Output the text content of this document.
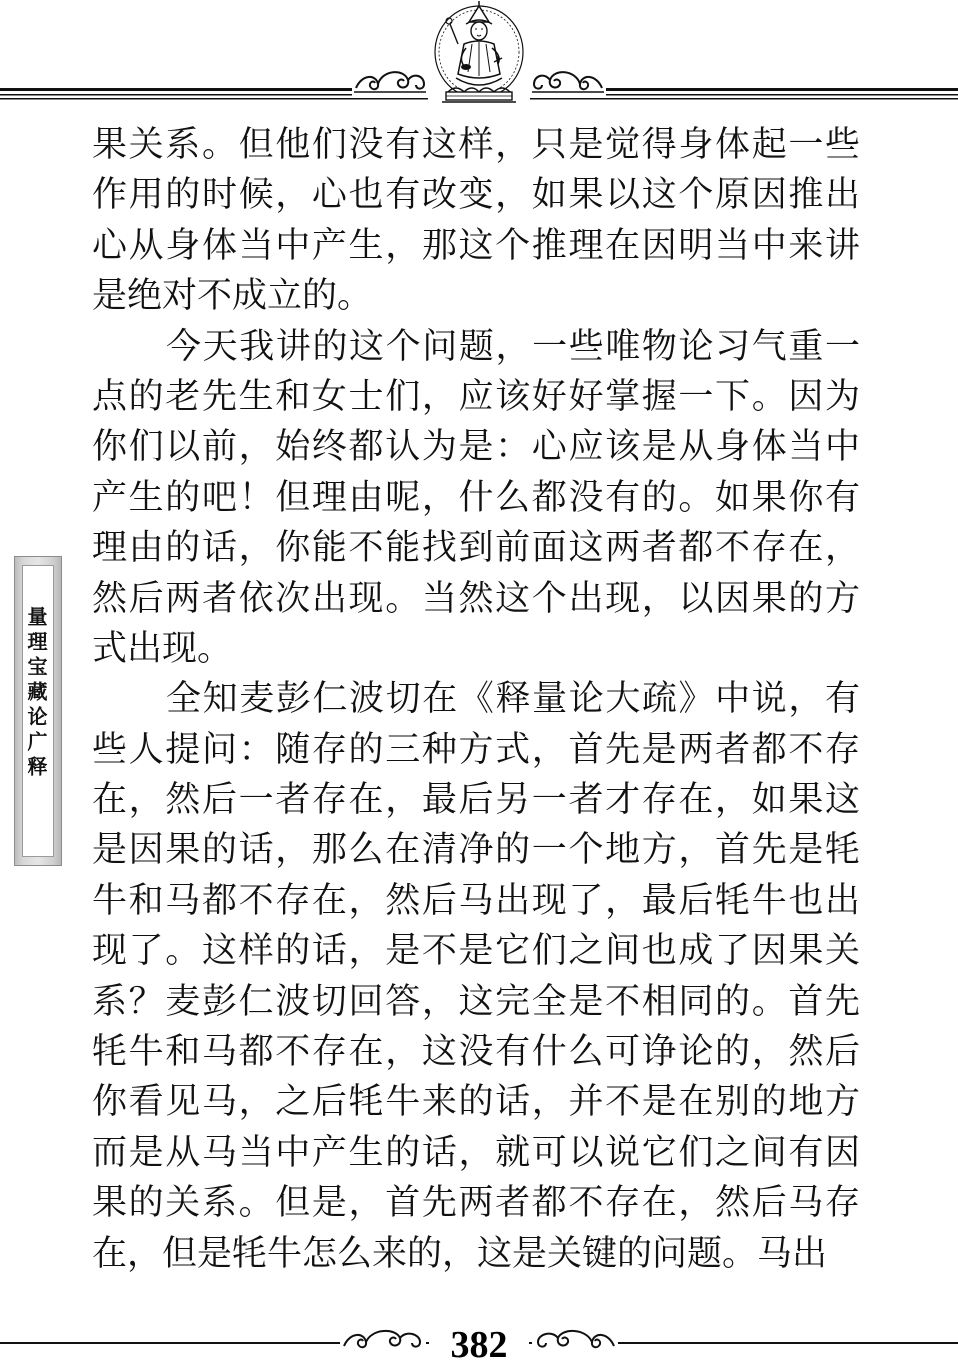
量理宝藏论广释
果关系。但他们没有这样，只是觉得身体起一些
作用的时候，心也有改变，如果以这个原因推出
心从身体当中产生，那这个推理在因明当中来讲
是绝对不成立的。
今天我讲的这个问题，一些唯物论习气重一
点的老先生和女士们，应该好好掌握一下。因为
你们以前，始终都认为是：心应该是从身体当中
产生的吧！但理由呢，什么都没有的。如果你有
理由的话，你能不能找到前面这两者都不存在，
然后两者依次出现。当然这个出现，以因果的方
式出现。
全知麦彭仁波切在《释量论大疏》中说，有
些人提问：随存的三种方式，首先是两者都不存
在，然后一者存在，最后另一者才存在，如果这
是因果的话，那么在清净的一个地方，首先是牦
牛和马都不存在，然后马出现了，最后牦牛也出
现了。这样的话，是不是它们之间也成了因果关
系？麦彭仁波切回答，这完全是不相同的。首先
牦牛和马都不存在，这没有什么可诤论的，然后
你看见马，之后牦牛来的话，并不是在别的地方
而是从马当中产生的话，就可以说它们之间有因
果的关系。但是，首先两者都不存在，然后马存
在，但是牦牛怎么来的，这是关键的问题。马出
382
